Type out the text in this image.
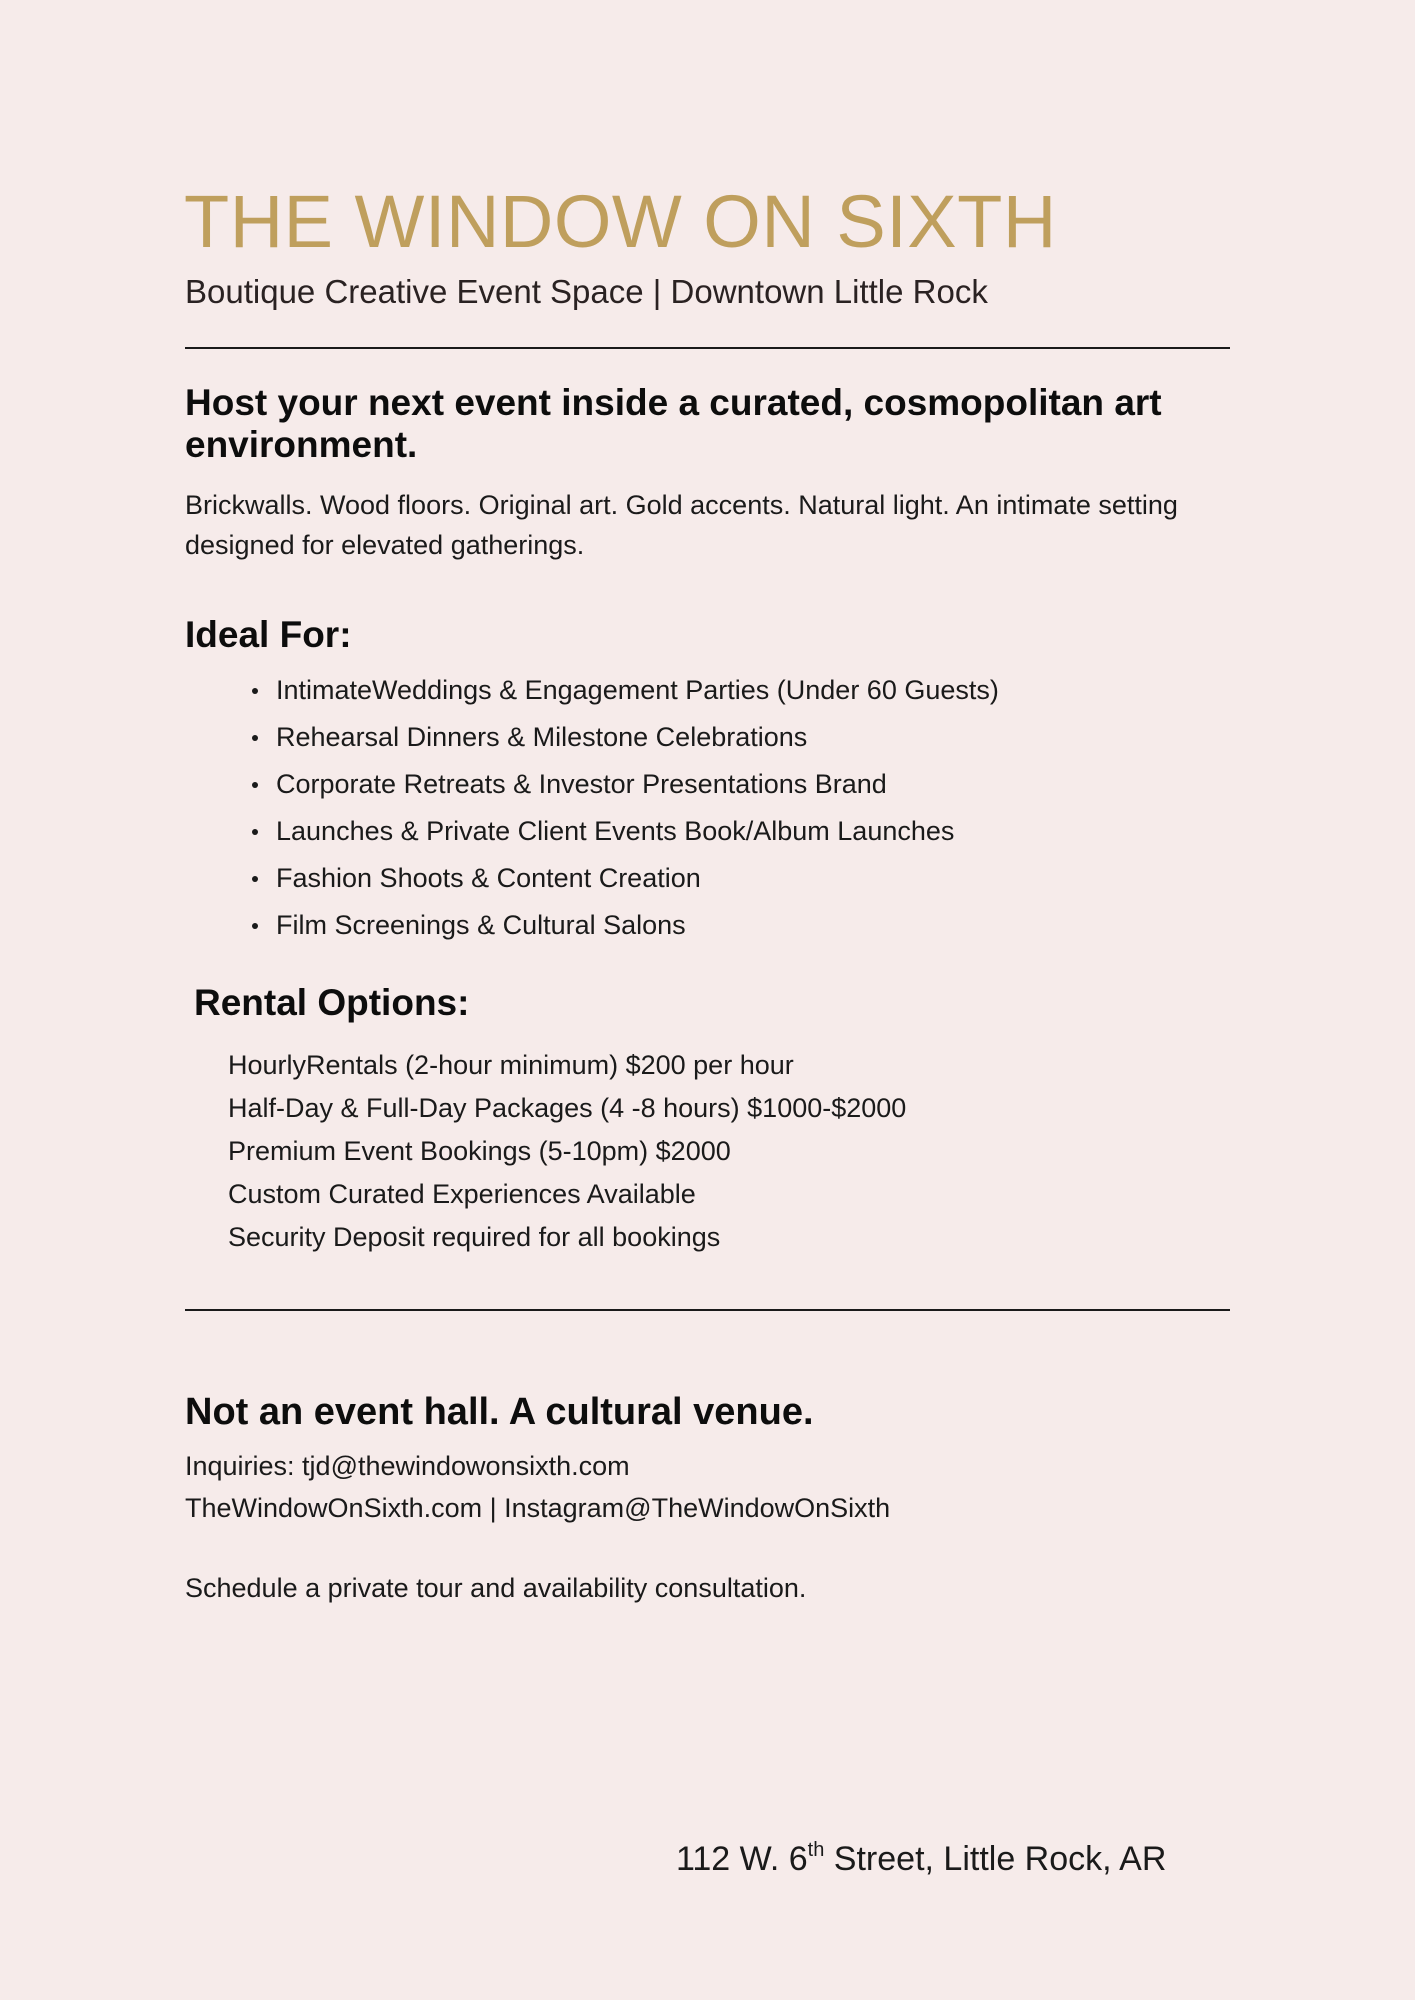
THE WINDOW ON SIXTH

Boutique Creative Event Space | Downtown Little Rock

Host your next event inside a curated, cosmopolitan art environment.

Brickwalls. Wood floors. Original art. Gold accents. Natural light. An intimate setting designed for elevated gatherings.

Ideal For:
IntimateWeddings & Engagement Parties (Under 60 Guests)
Rehearsal Dinners & Milestone Celebrations
Corporate Retreats & Investor Presentations Brand
Launches & Private Client Events Book/Album Launches
Fashion Shoots & Content Creation
Film Screenings & Cultural Salons
Rental Options:
HourlyRentals (2-hour minimum) $200 per hour
Half-Day & Full-Day Packages (4 -8 hours) $1000-$2000
Premium Event Bookings (5-10pm) $2000
Custom Curated Experiences Available
Security Deposit required for all bookings
Not an event hall. A cultural venue.

Inquiries: tjd@thewindowonsixth.com

TheWindowOnSixth.com | Instagram@TheWindowOnSixth

Schedule a private tour and availability consultation.

112 W. 6th Street, Little Rock, AR
